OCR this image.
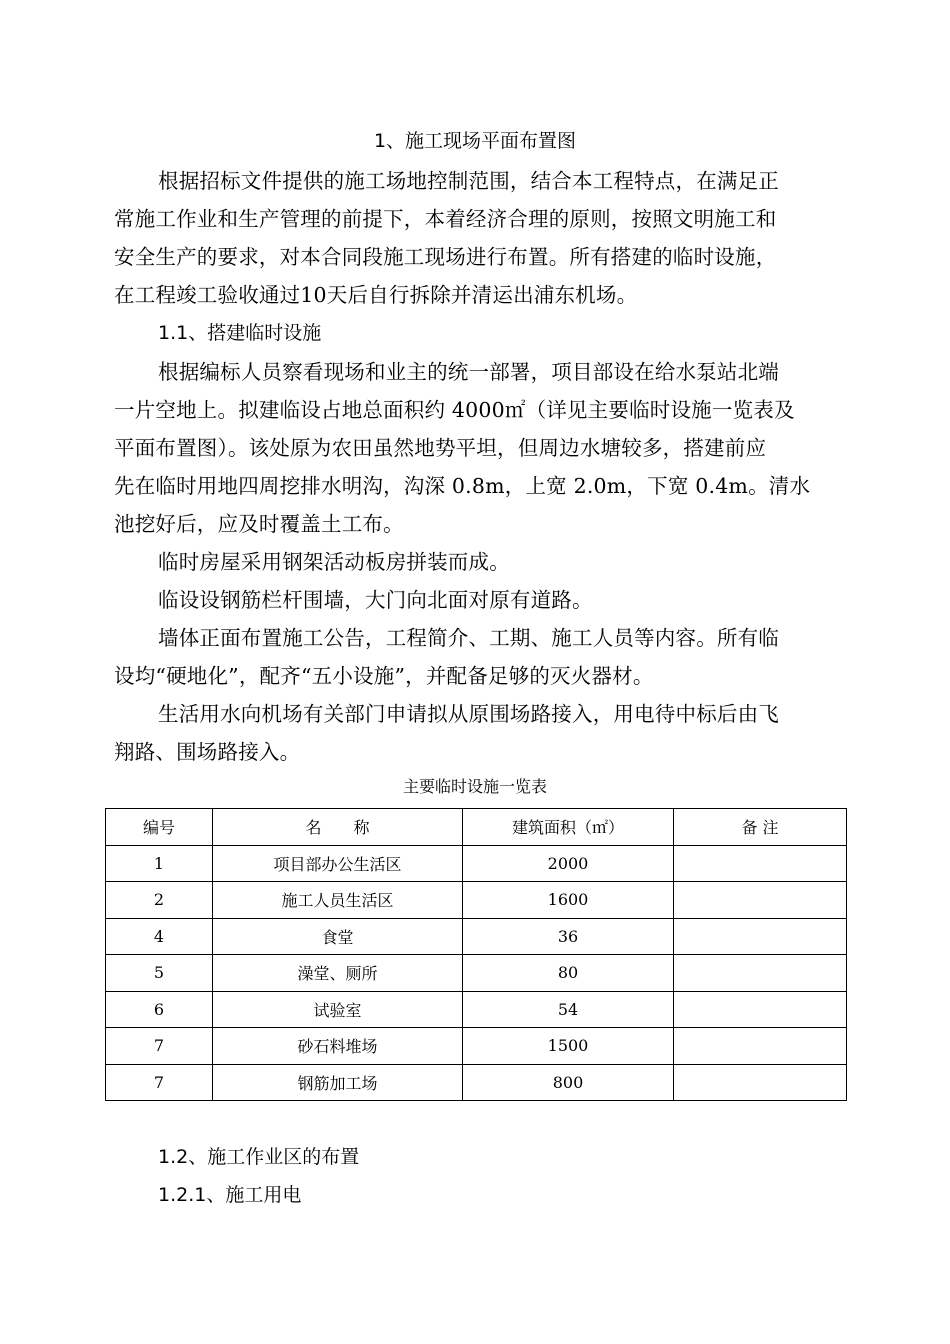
1、施工现场平面布置图

根据招标文件提供的施工场地控制范围，结合本工程特点，在满足正

常施工作业和生产管理的前提下，本着经济合理的原则，按照文明施工和

安全生产的要求，对本合同段施工现场进行布置。所有搭建的临时设施，

在工程竣工验收通过10天后自行拆除并清运出浦东机场。

1.1、搭建临时设施

根据编标人员察看现场和业主的统一部署，项目部设在给水泵站北端

一片空地上。拟建临设占地总面积约 4000㎡（详见主要临时设施一览表及

平面布置图）。该处原为农田虽然地势平坦，但周边水塘较多，搭建前应

先在临时用地四周挖排水明沟，沟深 0.8m，上宽 2.0m，下宽 0.4m。清水

池挖好后，应及时覆盖土工布。

临时房屋采用钢架活动板房拼装而成。

临设设钢筋栏杆围墙，大门向北面对原有道路。

墙体正面布置施工公告，工程简介、工期、施工人员等内容。所有临

设均“硬地化”，配齐“五小设施”，并配备足够的灭火器材。

生活用水向机场有关部门申请拟从原围场路接入，用电待中标后由飞

翔路、围场路接入。

主要临时设施一览表

编号	名　　称	建筑面积（㎡）	备 注
1	项目部办公生活区	2000	
2	施工人员生活区	1600	
4	食堂	36	
5	澡堂、厕所	80	
6	试验室	54	
7	砂石料堆场	1500	
7	钢筋加工场	800	

1.2、施工作业区的布置

1.2.1、施工用电
